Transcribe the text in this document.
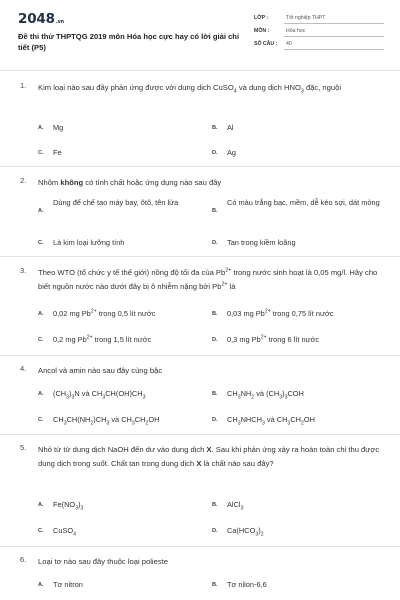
2048.vn
Đề thi thử THPTQG 2019 môn Hóa học cực hay có lời giải chi tiết (P5)
LỚP :	Tốt nghiệp THPT
MÔN :	Hóa học
SỐ CÂU :	40
1. Kim loại nào sau đây phản ứng được với dung dịch CuSO$_4$ và dung dịch $HNO_3$ đặc, nguội
A. Mg	B. Al
C. Fe	D. Ag
2. Nhôm không có tính chất hoặc ứng dụng nào sau đây
A.
Dùng để chế tạo máy bay, ôtô, tên lửa
B.
Có màu trắng bạc, mềm, dễ kéo sợi, dát mỏng
C. Là kim loại lưỡng tính	D. Tan trong kiềm loãng
3. Theo WTO (tổ chức y tế thế giới) nồng độ tối đa của $Pb^{2+}$ trong nước sinh hoạt là 0,05 mg/l. Hãy cho biết nguồn nước nào dưới đây bị ô nhiễm nặng bởi $Pb^{2+}$ là
A. 0,02 mg $Pb^{2+}$ trong 0,5 lít nước	B. 0,03 mg $Pb^{2+}$ trong 0,75 lít nước
C. 0,2 mg $Pb^{2+}$ trong 1,5 lít nước	D. 0,3 mg $Pb^{2+}$ trong 6 lít nước
4. Ancol và amin nào sau đây cùng bậc
A. $(CH_3)_3N$ và $CH_3CH(OH)CH_3$
B. $CH_3NH_2$ và $(CH_3)_3COH$
C. $CH_3CH(NH_2)CH_3$ và $CH_3CH_2OH$	D. $CH_3NHCH_3$ và $CH_3CH_2OH$
5. Nhỏ từ từ dung dịch NaOH đến dư vào dung dịch X. Sau khi phản ứng xảy ra hoàn toàn chỉ thu được dung dịch trong suốt. Chất tan trong dung dịch X là chất nào sau đây?
A. $Fe(NO_3)_3$
B. AlCl$_3$
C. CuSO$_4$
D. $Ca(HCO_3)_2$
6. Loại tơ nào sau đây thuộc loại polieste
A. Tơ nitron	B. Tơ nilon-6,6
